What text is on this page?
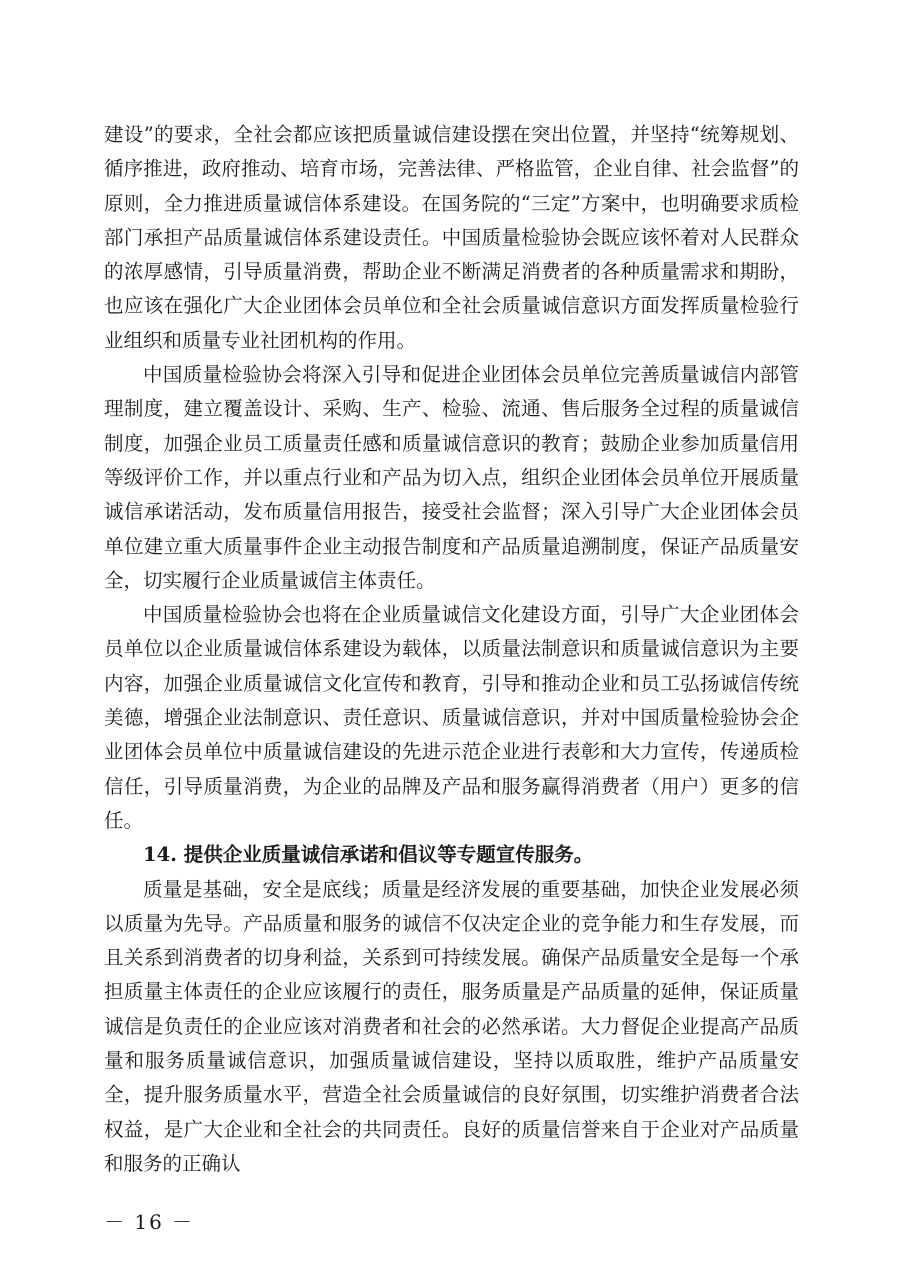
建设”的要求，全社会都应该把质量诚信建设摆在突出位置，并坚持“统筹规划、循序推进，政府推动、培育市场，完善法律、严格监管，企业自律、社会监督”的原则，全力推进质量诚信体系建设。在国务院的“三定”方案中，也明确要求质检部门承担产品质量诚信体系建设责任。中国质量检验协会既应该怀着对人民群众的浓厚感情，引导质量消费，帮助企业不断满足消费者的各种质量需求和期盼，也应该在强化广大企业团体会员单位和全社会质量诚信意识方面发挥质量检验行业组织和质量专业社团机构的作用。

中国质量检验协会将深入引导和促进企业团体会员单位完善质量诚信内部管理制度，建立覆盖设计、采购、生产、检验、流通、售后服务全过程的质量诚信制度，加强企业员工质量责任感和质量诚信意识的教育；鼓励企业参加质量信用等级评价工作，并以重点行业和产品为切入点，组织企业团体会员单位开展质量诚信承诺活动，发布质量信用报告，接受社会监督；深入引导广大企业团体会员单位建立重大质量事件企业主动报告制度和产品质量追溯制度，保证产品质量安全，切实履行企业质量诚信主体责任。

中国质量检验协会也将在企业质量诚信文化建设方面，引导广大企业团体会员单位以企业质量诚信体系建设为载体，以质量法制意识和质量诚信意识为主要内容，加强企业质量诚信文化宣传和教育，引导和推动企业和员工弘扬诚信传统美德，增强企业法制意识、责任意识、质量诚信意识，并对中国质量检验协会企业团体会员单位中质量诚信建设的先进示范企业进行表彰和大力宣传，传递质检信任，引导质量消费，为企业的品牌及产品和服务赢得消费者（用户）更多的信任。

14. 提供企业质量诚信承诺和倡议等专题宣传服务。

质量是基础，安全是底线；质量是经济发展的重要基础，加快企业发展必须以质量为先导。产品质量和服务的诚信不仅决定企业的竞争能力和生存发展，而且关系到消费者的切身利益，关系到可持续发展。确保产品质量安全是每一个承担质量主体责任的企业应该履行的责任，服务质量是产品质量的延伸，保证质量诚信是负责任的企业应该对消费者和社会的必然承诺。大力督促企业提高产品质量和服务质量诚信意识，加强质量诚信建设，坚持以质取胜，维护产品质量安全，提升服务质量水平，营造全社会质量诚信的良好氛围，切实维护消费者合法权益，是广大企业和全社会的共同责任。良好的质量信誉来自于企业对产品质量和服务的正确认

－ 16 －
